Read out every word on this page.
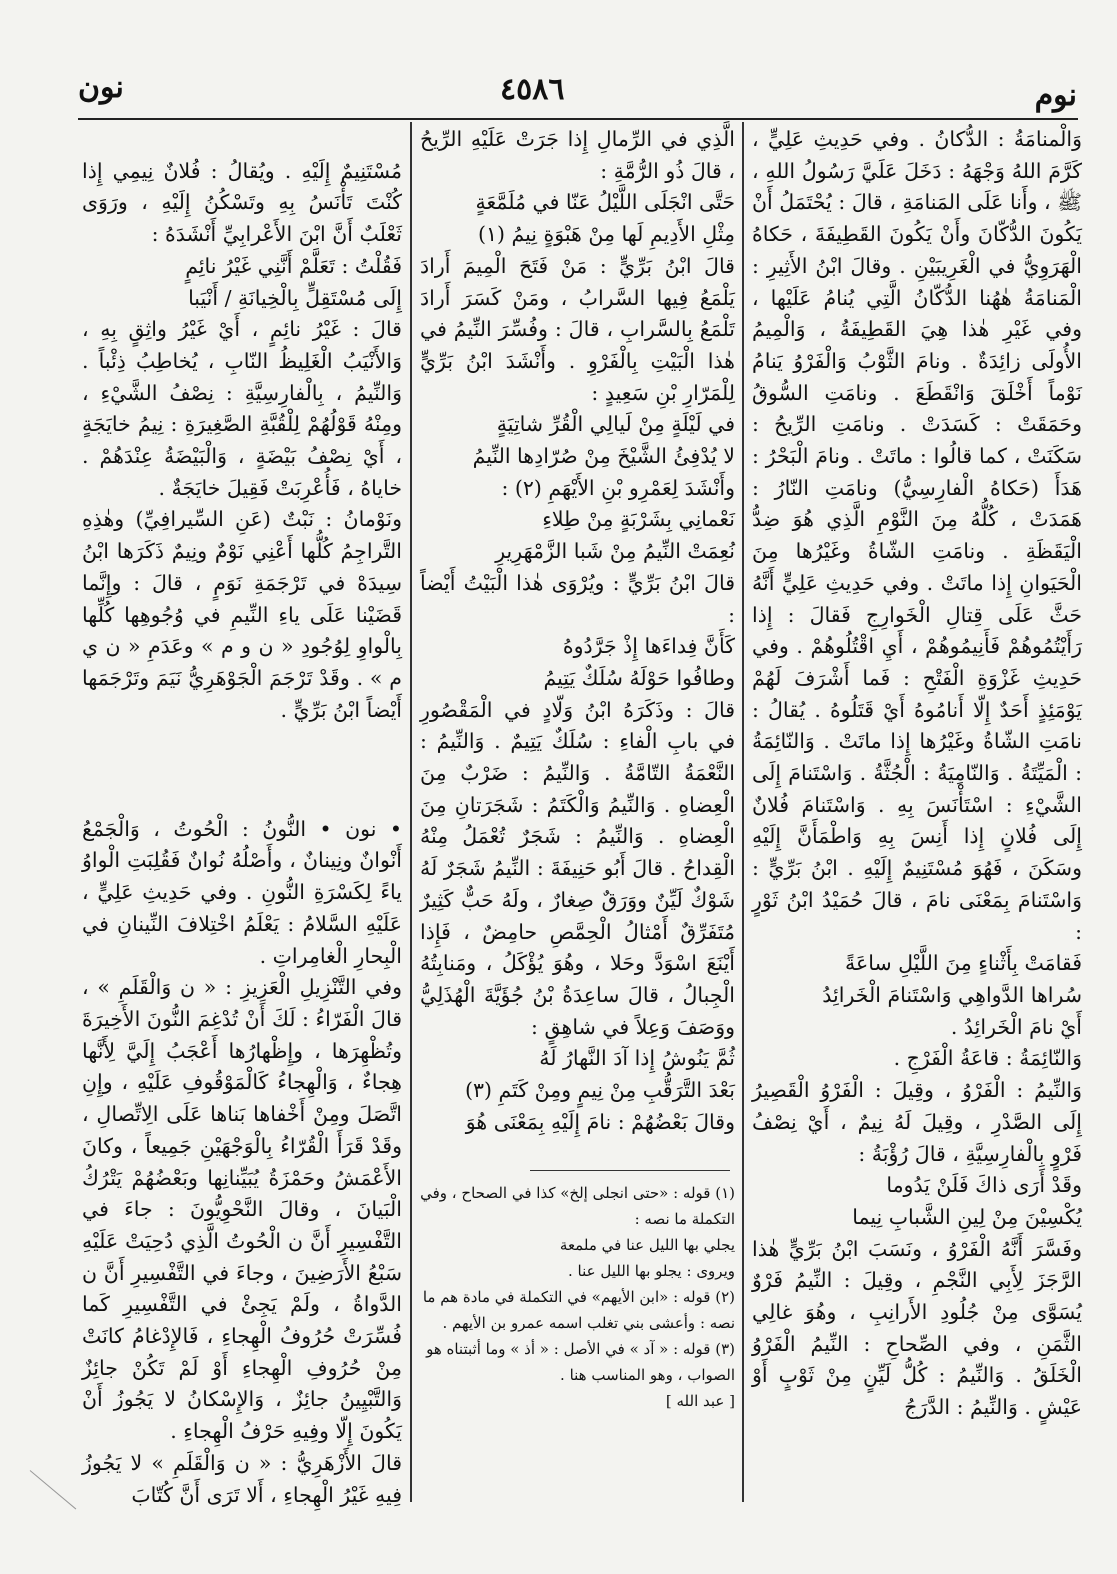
نوم
٤٥٨٦
نون
وَالْمنامَةُ : الدُّكانُ . وفي حَدِيثِ عَلِيٍّ ، كَرَّمَ اللهُ وَجْهَهُ : دَخَلَ عَلَيَّ رَسُولُ اللهِ ، ﷺ ، وأَنا عَلَى المَنامَةِ ، قالَ : يُحْتَمَلُ أَنْ يَكُونَ الدُّكّانَ وأَنْ يَكُونَ القَطِيفَةَ ، حَكاهُ الْهَرَوِيُّ في الْغَرِيبَيْنِ . وقالَ ابْنُ الأَثِيرِ : الْمَنامَةُ هٰهُنا الدُّكّانُ الَّتِي يُنامُ عَلَيْها ، وفي غَيْرِ هٰذا هِيَ القَطِيفَةُ ، وَالْمِيمُ الأُولَى زائِدَةٌ . ونامَ الثَّوْبُ وَالْفَرْوُ يَنامُ نَوْماً أَخْلَقَ وَانْقَطَعَ . ونامَتِ السُّوقُ وحَمَقَتْ : كَسَدَتْ . ونامَتِ الرِّيحُ : سَكَنَتْ ، كما قالُوا : ماتَتْ . ونامَ الْبَحْرُ : هَدَأَ (حَكاهُ الْفارِسِيُّ) ونامَتِ النّارُ : هَمَدَتْ ، كُلُّهُ مِنَ النَّوْمِ الَّذِي هُوَ ضِدُّ الْيَقَظَةِ . ونامَتِ الشّاةُ وغَيْرُها مِنَ الْحَيَوانِ إِذا ماتَتْ . وفي حَدِيثِ عَلِيٍّ أَنَّهُ حَثَّ عَلَى قِتالِ الْخَوارِجِ فَقالَ : إِذا رَأَيْتُمُوهُمْ فَأَنِيمُوهُمْ ، أَيِ اقْتُلُوهُمْ . وفي حَدِيثِ غَزْوَةِ الْفَتْحِ : فَما أَشْرَفَ لَهُمْ يَوْمَئِذٍ أَحَدٌ إِلّا أَنامُوهُ أَيْ قَتَلُوهُ . يُقالُ : نامَتِ الشّاةُ وغَيْرُها إِذا ماتَتْ . وَالنّائِمَةُ : الْمَيِّتَةُ . وَالنّامِيَةُ : الْجُثَّةُ . وَاسْتَنامَ إِلَى الشَّيْءِ : اسْتَأْنَسَ بِهِ . وَاسْتَنامَ فُلانٌ إِلَى فُلانٍ إِذا أَنِسَ بِهِ وَاطْمَأَنَّ إِلَيْهِ وسَكَنَ ، فَهُوَ مُسْتَنِيمٌ إِلَيْهِ . ابْنُ بَرِّيٍّ : وَاسْتَنامَ بِمَعْنَى نامَ ، قالَ حُمَيْدُ ابْنُ ثَوْرٍ :
فَقامَتْ بِأَثْناءٍ مِنَ اللَّيْلِ ساعَةً
سُراها الدَّواهِي وَاسْتَنامَ الْخَرائِدُ
أَيْ نامَ الْخَرائِدُ .
وَالنّائِمَةُ : قاعَةُ الْفَرْجِ .
وَالنِّيمُ : الْفَرْوُ ، وقِيلَ : الْفَرْوُ الْقَصِيرُ إِلَى الصَّدْرِ ، وقِيلَ لَهُ نِيمٌ ، أَيْ نِصْفُ فَرْوٍ بِالْفارِسِيَّةِ ، قالَ رُؤْبَةُ :
وقَدْ أَرَى ذاكَ فَلَنْ يَدُوما
يُكْسِيْنَ مِنْ لِينِ الشَّبابِ نِيما
وفَسَّرَ أَنَّهُ الْفَرْوُ ، ونَسَبَ ابْنُ بَرِّيٍّ هٰذا الرَّجَزَ لِأَبِي النَّجْمِ ، وقِيلَ : النِّيمُ فَرْوٌ يُسَوَّى مِنْ جُلُودِ الأَرانِبِ ، وهُوَ غالِي الثَّمَنِ ، وفي الصِّحاحِ : النِّيمُ الْفَرْوُ الْخَلَقُ . وَالنِّيمُ : كُلُّ لَيِّنٍ مِنْ ثَوْبٍ أَوْ عَيْشٍ . وَالنِّيمُ : الدَّرَجُ
الَّذِي في الرِّمالِ إِذا جَرَتْ عَلَيْهِ الرِّيحُ ، قالَ ذُو الرُّمَّةِ :
حَتَّى انْجَلَى اللَّيْلُ عَنّا في مُلَمَّعَةٍ
مِثْلِ الأَدِيمِ لَها مِنْ هَبْوَةٍ نِيمُ (١)
قالَ ابْنُ بَرِّيٍّ : مَنْ فَتَحَ الْمِيمَ أَرادَ يَلْمَعُ فِيها السَّرابُ ، ومَنْ كَسَرَ أَرادَ تَلْمَعُ بِالسَّرابِ ، قالَ : وفُسِّرَ النِّيمُ في هٰذا الْبَيْتِ بِالْفَرْوِ . وأَنْشَدَ ابْنُ بَرِّيٍّ لِلْمَرّارِ بْنِ سَعِيدٍ :
في لَيْلَةٍ مِنْ لَيالِي الْقُرِّ شاتِيَةٍ
لا يُدْفِئُ الشَّيْخَ مِنْ صُرّادِها النِّيمُ
وأَنْشَدَ لِعَمْرِو بْنِ الأَيْهَمِ (٢) :
نَعْمانِي بِشَرْبَةٍ مِنْ طِلاءِ
نُعِمَتْ النِّيمُ مِنْ شَبا الزَّمْهَرِيرِ
قالَ ابْنُ بَرِّيٍّ : ويُرْوَى هٰذا الْبَيْتُ أَيْضاً :
كَأَنَّ فِداءَها إِذْ جَرَّدُوهُ
وطافُوا حَوْلَهُ سُلَكٌ يَتِيمُ
قالَ : وذَكَرَهُ ابْنُ وَلّادٍ في الْمَقْصُورِ في بابِ الْفاءِ : سُلَكٌ يَتِيمٌ . وَالنِّيمُ : النَّعْمَةُ التّامَّةُ . وَالنِّيمُ : ضَرْبٌ مِنَ الْعِضاهِ . وَالنِّيمُ وَالْكَتَمُ : شَجَرَتانِ مِنَ الْعِضاهِ . وَالنِّيمُ : شَجَرٌ تُعْمَلُ مِنْهُ الْقِداحُ . قالَ أَبُو حَنِيفَةَ : النِّيمُ شَجَرٌ لَهُ شَوْكٌ لَيِّنٌ ووَرَقٌ صِغارٌ ، ولَهُ حَبٌّ كَثِيرٌ مُتَفَرِّقٌ أَمْثالُ الْحِمَّصِ حامِضٌ ، فَإِذا أَيْنَعَ اسْوَدَّ وحَلا ، وهُوَ يُؤْكَلُ ، ومَنابِتُهُ الْجِبالُ ، قالَ ساعِدَةُ بْنُ جُؤَيَّةَ الْهُذَلِيُّ ووَصَفَ وَعِلاً في شاهِقٍ :
ثُمَّ يَنُوشُ إِذا آدَ النَّهارُ لَهُ
بَعْدَ التَّرَقُّبِ مِنْ نِيمٍ ومِنْ كَتَمِ (٣)
وقالَ بَعْضُهُمْ : نامَ إِلَيْهِ بِمَعْنَى هُوَ

مُسْتَنِيمٌ إِلَيْهِ . ويُقالُ : فُلانٌ نِيمِي إِذا كُنْتَ تَأْنَسُ بِهِ وتَسْكُنُ إِلَيْهِ ، ورَوَى ثَعْلَبٌ أَنَّ ابْنَ الأَعْرابِيِّ أَنْشَدَهُ :
فَقُلْتُ : تَعَلَّمْ أَنَّنِي غَيْرُ نائِمٍ
إِلَى مُسْتَقِلٍّ بِالْخِيانَةِ / أَنْيَبا
قالَ : غَيْرُ نائِمٍ ، أَيْ غَيْرُ واثِقٍ بِهِ ، وَالأَنْيَبُ الْغَلِيظُ النّابِ ، يُخاطِبُ ذِئْباً . وَالنِّيمُ ، بِالْفارِسِيَّةِ : نِصْفُ الشَّيْءِ ، ومِنْهُ قَوْلُهُمْ لِلْقُبَّةِ الصَّغِيرَةِ : نِيمُ خايَجَةٍ ، أَيْ نِصْفُ بَيْضَةٍ ، وَالْبَيْضَةُ عِنْدَهُمْ . خاياهُ ، فَأُعْرِبَتْ فَقِيلَ خايَجَةٌ .
ونَوْمانُ : نَبْتٌ (عَنِ السِّيرافِيِّ) وهٰذِهِ التَّراجِمُ كُلُّها أَعْنِي نَوْمٌ ونِيمٌ ذَكَرَها ابْنُ سِيدَهْ في تَرْجَمَةِ نَوَمٍ ، قالَ : وإِنَّما قَضَيْنا عَلَى ياءِ النِّيمِ في وُجُوهِها كُلِّها بِالْواوِ لِوُجُودِ « ن و م » وعَدَمِ « ن ي م » . وقَدْ تَرْجَمَ الْجَوْهَرِيُّ نَيَمَ وتَرْجَمَها أَيْضاً ابْنُ بَرِّيٍّ .

• نون • النُّونُ : الْحُوتُ ، وَالْجَمْعُ أَنْوانٌ ونِينانٌ ، وأَصْلُهُ نُوانٌ فَقُلِبَتِ الْواوُ ياءً لِكَسْرَةِ النُّونِ . وفي حَدِيثِ عَلِيٍّ ، عَلَيْهِ السَّلامُ : يَعْلَمُ اخْتِلافَ النِّينانِ في الْبِحارِ الْغامِراتِ .
وفي التَّنْزِيلِ الْعَزِيزِ : « ن وَالْقَلَمِ » ، قالَ الْفَرّاءُ : لَكَ أَنْ تُدْغِمَ النُّونَ الأَخِيرَةَ وتُظْهِرَها ، وإِظْهارُها أَعْجَبُ إِلَيَّ لِأَنَّها هِجاءٌ ، وَالْهِجاءُ كَالْمَوْقُوفِ عَلَيْهِ ، وإِنِ اتَّصَلَ ومِنْ أَخْفاها بَناها عَلَى الِاتِّصالِ ، وقَدْ قَرَأَ الْقُرّاءُ بِالْوَجْهَيْنِ جَمِيعاً ، وكانَ الأَعْمَشُ وحَمْزَةُ يُبَيِّنانِها وبَعْضُهُمْ يَتْرُكُ الْبَيانَ ، وقالَ النَّحْوِيُّونَ : جاءَ في التَّفْسِيرِ أَنَّ ن الْحُوتُ الَّذِي دُحِيَتْ عَلَيْهِ سَبْعُ الأَرَضِينَ ، وجاءَ في التَّفْسِيرِ أَنَّ ن الدَّواةُ ، ولَمْ يَجِئْ في التَّفْسِيرِ كَما فُسِّرَتْ حُرُوفُ الْهِجاءِ ، فَالإِدْغامُ كانَتْ مِنْ حُرُوفِ الْهِجاءِ أَوْ لَمْ تَكُنْ جائِزٌ وَالتَّبْيِينُ جائِزٌ ، وَالإِسْكانُ لا يَجُوزُ أَنْ يَكُونَ إِلّا وفِيهِ حَرْفُ الْهِجاءِ .
قالَ الأَزْهَرِيُّ : « ن وَالْقَلَمِ » لا يَجُوزُ فِيهِ غَيْرُ الْهِجاءِ ، أَلا تَرَى أَنَّ كُتّابَ

(١) قوله : «حتى انجلى إلخ» كذا في الصحاح ، وفي التكملة ما نصه :
يجلي بها الليل عنا في ملمعة
ويروى : يجلو بها الليل عنا .
(٢) قوله : «ابن الأيهم» في التكملة في مادة هم ما نصه : وأعشى بني تغلب اسمه عمرو بن الأيهم .
(٣) قوله : « آد » في الأصل : « أذ » وما أثبتناه هو الصواب ، وهو المناسب هنا .
[ عبد الله ]
